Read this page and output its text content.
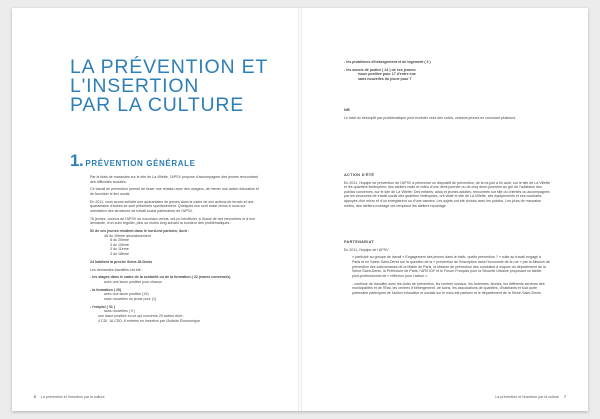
LA PRÉVENTION ET
L'INSERTION
PAR LA CULTURE
1. PRÉVENTION GÉNÉRALE

Par le biais de maraudes sur le site de La Villette, l'APSV propose d'accompagner des jeunes rencontrant des difficultés sociales.

Ce travail de prévention permet de tisser une relation avec des usagers, de mener une action éducative et de favoriser le lien social.

En 2011, nous avons sollicité une quarantaine de jeunes dans le cadre de ces actions de terrain et une quarantaine d'autres se sont présentés spontanément. Quelques uns sont aussi venus à nous sur orientation des structures de travail social partenaires de l'APSV.

76 jeunes, connus de l'APSV ou nouveaux venus, ont pu bénéficier, à l'issue de ces rencontres et à leur demande, d'un suivi régulier, plus ou moins long suivant la lourdeur des problématiques :

52 de ces jeunes résident dans le nord-est parisien, dont :
48 du 19ème arrondissement
8 du 20ème
3 du 10ème
3 du 11ème
3 du 18ème

24 habitent la proche Seine-St-Denis

Les demandes travaillés ont été :

- les stages dans le cadre de la scolarité ou de la formation ( 22 jeunes concernés)
avec une issue positive pour chacun
- la formation ( 20)
avec une issue positive (19)
sans nouvelles du jeune pour (1)
- l'emploi ( 31 )
sans nouvelles ( 9 )
une issue positive en ce qui concerne 20 autres dont :
4 CDI, 16 CDD, 8 entrées en Insertion par l'Activité Économique
6 La prévention et l'insertion par la culture
- les problèmes d'hébergement et de logement ( 3 )
- les soucis de justice ( 24 ) de ces jeunes:
issue positive pour 17 d'entre eux
sans nouvelles du jeune pour 7
NB

Le total du descriptif par problématique peut excéder celui des suivis, certains jeunes en cumulant plusieurs.

ACTION D'ÉTÉ

En 2011, l'équipe de prévention de l'APSV a pérennisé un dispositif de prévention, de la mi-juin à fin août, sur le site de La Villette et les quartiers limitrophes: des ateliers radio et vidéo d'une demi-journée ou de cinq demi-journées au gré de l'adhésion des publics concernés, sur le site de La Villette. Des enfants, ados et jeunes adultes, rencontrés sur site ou orientés ou accompagnés par les structures de travail social des quartiers limitrophes, ont visité le site de La Villette, ses équipements et ses coulisses, appuyés d'un micro et d'un enregistreur ou d'une caméra. Les sujets ont été choisis avec les publics. Les jours de mauvaise météo, des ateliers montage ont remplacé les ateliers reportage.

PARTENARIAT

En 2011, l'équipe de l'APSV

« participé au groupe de travail « Engagement des jeunes dans le trafic, quelle prévention ? » suite au travail engagé à Paris et en Seine-Saint-Denis sur la question de la « prévention de l'inscription dans l'économie de la rue » par la Mission de prévention des toxicomanies de la Mairie de Paris, la Mission de prévention des conduites à risques du département de la Seine-Saint-Denis, la Préfecture de Paris, l'ARS IDF et le Forum Français pour la Sécurité Urbaine proposant un atelier pluri-professionnel de « réflexion pour l'action ».

- continue de travailler avec les clubs de prévention, les centres sociaux, les Antennes Jeunes, les différents services des municipalités et de l'État, les centres d'hébergement, de soins, les associations de quartiers, d'habitants et tout autre partenaire participant de l'action éducative et sociale sur le nord-est parisien et le département de la Seine-Saint-Denis.

La prévention et l'insertion par la culture 7
